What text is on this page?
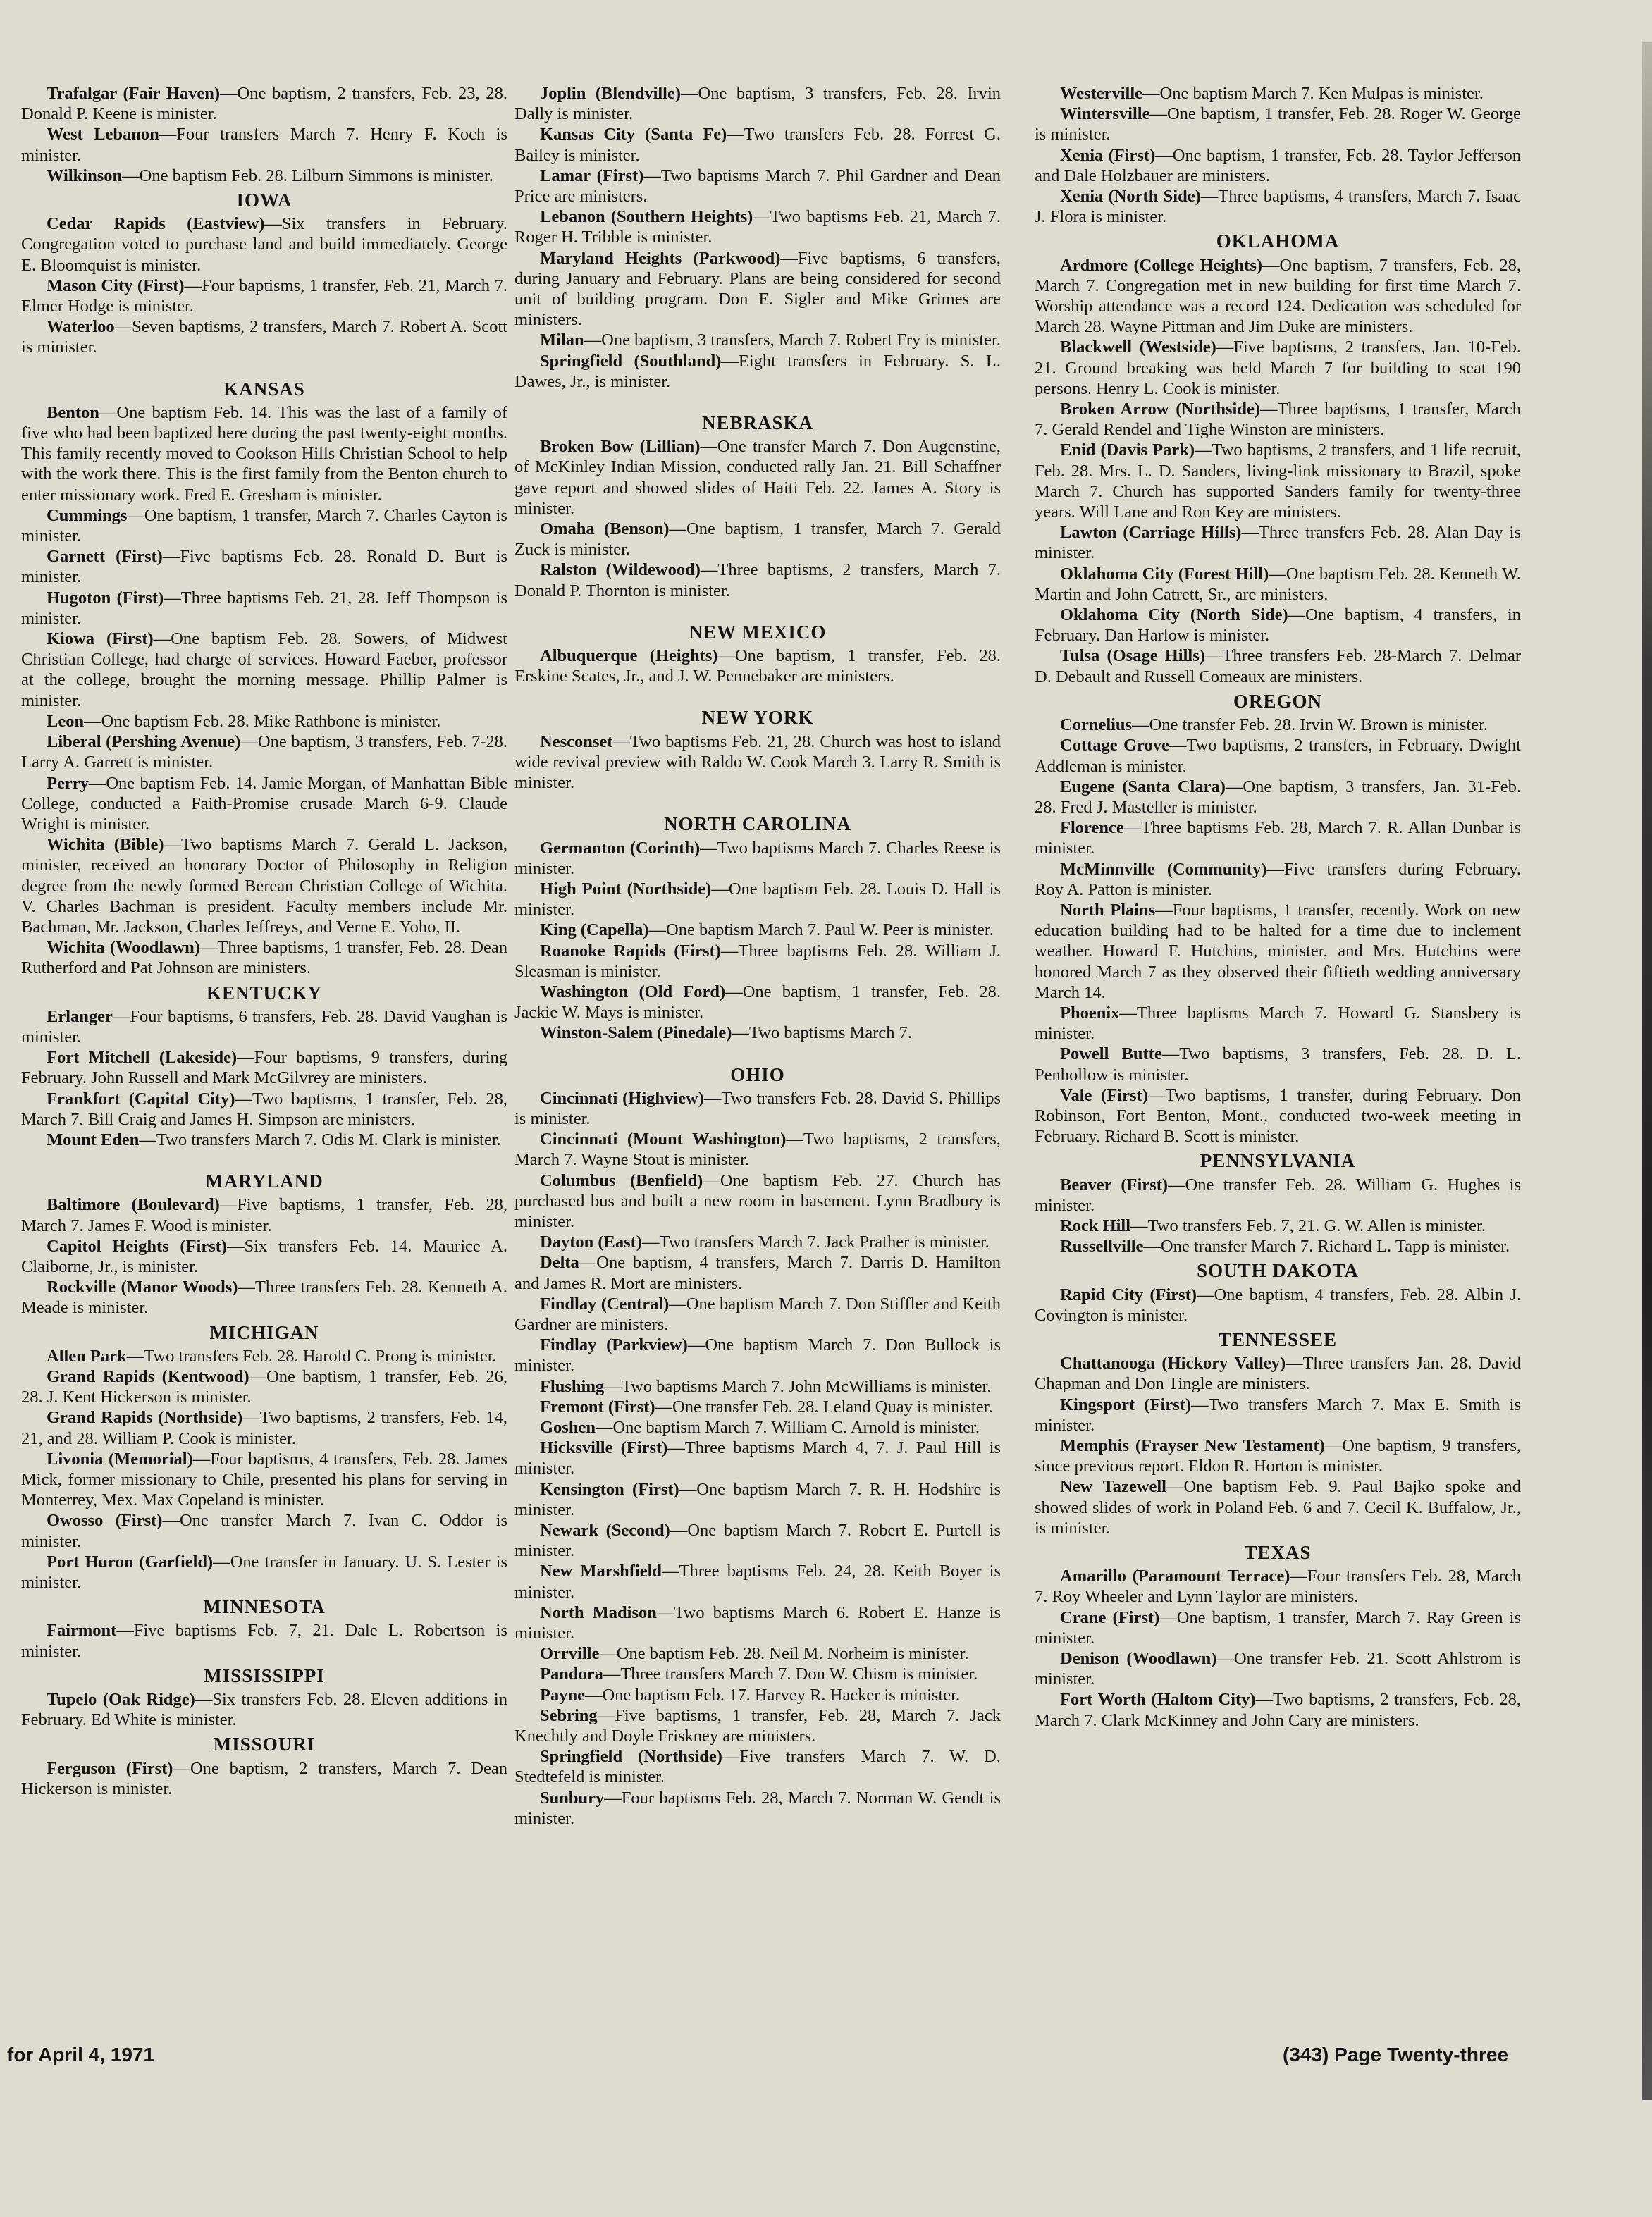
Trafalgar (Fair Haven)—One baptism, 2 transfers, Feb. 23, 28. Donald P. Keene is minister.

West Lebanon—Four transfers March 7. Henry F. Koch is minister.

Wilkinson—One baptism Feb. 28. Lilburn Simmons is minister.

IOWA

Cedar Rapids (Eastview)—Six transfers in February. Congregation voted to purchase land and build immediately. George E. Bloomquist is minister.

Mason City (First)—Four baptisms, 1 transfer, Feb. 21, March 7. Elmer Hodge is minister.

Waterloo—Seven baptisms, 2 transfers, March 7. Robert A. Scott is minister.

KANSAS

Benton—One baptism Feb. 14. This was the last of a family of five who had been baptized here during the past twenty-eight months. This family recently moved to Cookson Hills Christian School to help with the work there. This is the first family from the Benton church to enter missionary work. Fred E. Gresham is minister.

Cummings—One baptism, 1 transfer, March 7. Charles Cayton is minister.

Garnett (First)—Five baptisms Feb. 28. Ronald D. Burt is minister.

Hugoton (First)—Three baptisms Feb. 21, 28. Jeff Thompson is minister.

Kiowa (First)—One baptism Feb. 28. Sowers, of Midwest Christian College, had charge of services. Howard Faeber, professor at the college, brought the morning message. Phillip Palmer is minister.

Leon—One baptism Feb. 28. Mike Rathbone is minister.

Liberal (Pershing Avenue)—One baptism, 3 transfers, Feb. 7-28. Larry A. Garrett is minister.

Perry—One baptism Feb. 14. Jamie Morgan, of Manhattan Bible College, conducted a Faith-Promise crusade March 6-9. Claude Wright is minister.

Wichita (Bible)—Two baptisms March 7. Gerald L. Jackson, minister, received an honorary Doctor of Philosophy in Religion degree from the newly formed Berean Christian College of Wichita. V. Charles Bachman is president. Faculty members include Mr. Bachman, Mr. Jackson, Charles Jeffreys, and Verne E. Yoho, II.

Wichita (Woodlawn)—Three baptisms, 1 transfer, Feb. 28. Dean Rutherford and Pat Johnson are ministers.

KENTUCKY

Erlanger—Four baptisms, 6 transfers, Feb. 28. David Vaughan is minister.

Fort Mitchell (Lakeside)—Four baptisms, 9 transfers, during February. John Russell and Mark McGilvrey are ministers.

Frankfort (Capital City)—Two baptisms, 1 transfer, Feb. 28, March 7. Bill Craig and James H. Simpson are ministers.

Mount Eden—Two transfers March 7. Odis M. Clark is minister.

MARYLAND

Baltimore (Boulevard)—Five baptisms, 1 transfer, Feb. 28, March 7. James F. Wood is minister.

Capitol Heights (First)—Six transfers Feb. 14. Maurice A. Claiborne, Jr., is minister.

Rockville (Manor Woods)—Three transfers Feb. 28. Kenneth A. Meade is minister.

MICHIGAN

Allen Park—Two transfers Feb. 28. Harold C. Prong is minister.

Grand Rapids (Kentwood)—One baptism, 1 transfer, Feb. 26, 28. J. Kent Hickerson is minister.

Grand Rapids (Northside)—Two baptisms, 2 transfers, Feb. 14, 21, and 28. William P. Cook is minister.

Livonia (Memorial)—Four baptisms, 4 transfers, Feb. 28. James Mick, former missionary to Chile, presented his plans for serving in Monterrey, Mex. Max Copeland is minister.

Owosso (First)—One transfer March 7. Ivan C. Oddor is minister.

Port Huron (Garfield)—One transfer in January. U. S. Lester is minister.

MINNESOTA

Fairmont—Five baptisms Feb. 7, 21. Dale L. Robertson is minister.

MISSISSIPPI

Tupelo (Oak Ridge)—Six transfers Feb. 28. Eleven additions in February. Ed White is minister.

MISSOURI

Ferguson (First)—One baptism, 2 transfers, March 7. Dean Hickerson is minister.

Joplin (Blendville)—One baptism, 3 transfers, Feb. 28. Irvin Dally is minister.

Kansas City (Santa Fe)—Two transfers Feb. 28. Forrest G. Bailey is minister.

Lamar (First)—Two baptisms March 7. Phil Gardner and Dean Price are ministers.

Lebanon (Southern Heights)—Two baptisms Feb. 21, March 7. Roger H. Tribble is minister.

Maryland Heights (Parkwood)—Five baptisms, 6 transfers, during January and February. Plans are being considered for second unit of building program. Don E. Sigler and Mike Grimes are ministers.

Milan—One baptism, 3 transfers, March 7. Robert Fry is minister.

Springfield (Southland)—Eight transfers in February. S. L. Dawes, Jr., is minister.

NEBRASKA

Broken Bow (Lillian)—One transfer March 7. Don Augenstine, of McKinley Indian Mission, conducted rally Jan. 21. Bill Schaffner gave report and showed slides of Haiti Feb. 22. James A. Story is minister.

Omaha (Benson)—One baptism, 1 transfer, March 7. Gerald Zuck is minister.

Ralston (Wildewood)—Three baptisms, 2 transfers, March 7. Donald P. Thornton is minister.

NEW MEXICO

Albuquerque (Heights)—One baptism, 1 transfer, Feb. 28. Erskine Scates, Jr., and J. W. Pennebaker are ministers.

NEW YORK

Nesconset—Two baptisms Feb. 21, 28. Church was host to island wide revival preview with Raldo W. Cook March 3. Larry R. Smith is minister.

NORTH CAROLINA

Germanton (Corinth)—Two baptisms March 7. Charles Reese is minister.

High Point (Northside)—One baptism Feb. 28. Louis D. Hall is minister.

King (Capella)—One baptism March 7. Paul W. Peer is minister.

Roanoke Rapids (First)—Three baptisms Feb. 28. William J. Sleasman is minister.

Washington (Old Ford)—One baptism, 1 transfer, Feb. 28. Jackie W. Mays is minister.

Winston-Salem (Pinedale)—Two baptisms March 7.

OHIO

Cincinnati (Highview)—Two transfers Feb. 28. David S. Phillips is minister.

Cincinnati (Mount Washington)—Two baptisms, 2 transfers, March 7. Wayne Stout is minister.

Columbus (Benfield)—One baptism Feb. 27. Church has purchased bus and built a new room in basement. Lynn Bradbury is minister.

Dayton (East)—Two transfers March 7. Jack Prather is minister.

Delta—One baptism, 4 transfers, March 7. Darris D. Hamilton and James R. Mort are ministers.

Findlay (Central)—One baptism March 7. Don Stiffler and Keith Gardner are ministers.

Findlay (Parkview)—One baptism March 7. Don Bullock is minister.

Flushing—Two baptisms March 7. John McWilliams is minister.

Fremont (First)—One transfer Feb. 28. Leland Quay is minister.

Goshen—One baptism March 7. William C. Arnold is minister.

Hicksville (First)—Three baptisms March 4, 7. J. Paul Hill is minister.

Kensington (First)—One baptism March 7. R. H. Hodshire is minister.

Newark (Second)—One baptism March 7. Robert E. Purtell is minister.

New Marshfield—Three baptisms Feb. 24, 28. Keith Boyer is minister.

North Madison—Two baptisms March 6. Robert E. Hanze is minister.

Orrville—One baptism Feb. 28. Neil M. Norheim is minister.

Pandora—Three transfers March 7. Don W. Chism is minister.

Payne—One baptism Feb. 17. Harvey R. Hacker is minister.

Sebring—Five baptisms, 1 transfer, Feb. 28, March 7. Jack Knechtly and Doyle Friskney are ministers.

Springfield (Northside)—Five transfers March 7. W. D. Stedtefeld is minister.

Sunbury—Four baptisms Feb. 28, March 7. Norman W. Gendt is minister.

Westerville—One baptism March 7. Ken Mulpas is minister.

Wintersville—One baptism, 1 transfer, Feb. 28. Roger W. George is minister.

Xenia (First)—One baptism, 1 transfer, Feb. 28. Taylor Jefferson and Dale Holzbauer are ministers.

Xenia (North Side)—Three baptisms, 4 transfers, March 7. Isaac J. Flora is minister.

OKLAHOMA

Ardmore (College Heights)—One baptism, 7 transfers, Feb. 28, March 7. Congregation met in new building for first time March 7. Worship attendance was a record 124. Dedication was scheduled for March 28. Wayne Pittman and Jim Duke are ministers.

Blackwell (Westside)—Five baptisms, 2 transfers, Jan. 10-Feb. 21. Ground breaking was held March 7 for building to seat 190 persons. Henry L. Cook is minister.

Broken Arrow (Northside)—Three baptisms, 1 transfer, March 7. Gerald Rendel and Tighe Winston are ministers.

Enid (Davis Park)—Two baptisms, 2 transfers, and 1 life recruit, Feb. 28. Mrs. L. D. Sanders, living-link missionary to Brazil, spoke March 7. Church has supported Sanders family for twenty-three years. Will Lane and Ron Key are ministers.

Lawton (Carriage Hills)—Three transfers Feb. 28. Alan Day is minister.

Oklahoma City (Forest Hill)—One baptism Feb. 28. Kenneth W. Martin and John Catrett, Sr., are ministers.

Oklahoma City (North Side)—One baptism, 4 transfers, in February. Dan Harlow is minister.

Tulsa (Osage Hills)—Three transfers Feb. 28-March 7. Delmar D. Debault and Russell Comeaux are ministers.

OREGON

Cornelius—One transfer Feb. 28. Irvin W. Brown is minister.

Cottage Grove—Two baptisms, 2 transfers, in February. Dwight Addleman is minister.

Eugene (Santa Clara)—One baptism, 3 transfers, Jan. 31-Feb. 28. Fred J. Masteller is minister.

Florence—Three baptisms Feb. 28, March 7. R. Allan Dunbar is minister.

McMinnville (Community)—Five transfers during February. Roy A. Patton is minister.

North Plains—Four baptisms, 1 transfer, recently. Work on new education building had to be halted for a time due to inclement weather. Howard F. Hutchins, minister, and Mrs. Hutchins were honored March 7 as they observed their fiftieth wedding anniversary March 14.

Phoenix—Three baptisms March 7. Howard G. Stansbery is minister.

Powell Butte—Two baptisms, 3 transfers, Feb. 28. D. L. Penhollow is minister.

Vale (First)—Two baptisms, 1 transfer, during February. Don Robinson, Fort Benton, Mont., conducted two-week meeting in February. Richard B. Scott is minister.

PENNSYLVANIA

Beaver (First)—One transfer Feb. 28. William G. Hughes is minister.

Rock Hill—Two transfers Feb. 7, 21. G. W. Allen is minister.

Russellville—One transfer March 7. Richard L. Tapp is minister.

SOUTH DAKOTA

Rapid City (First)—One baptism, 4 transfers, Feb. 28. Albin J. Covington is minister.

TENNESSEE

Chattanooga (Hickory Valley)—Three transfers Jan. 28. David Chapman and Don Tingle are ministers.

Kingsport (First)—Two transfers March 7. Max E. Smith is minister.

Memphis (Frayser New Testament)—One baptism, 9 transfers, since previous report. Eldon R. Horton is minister.

New Tazewell—One baptism Feb. 9. Paul Bajko spoke and showed slides of work in Poland Feb. 6 and 7. Cecil K. Buffalow, Jr., is minister.

TEXAS

Amarillo (Paramount Terrace)—Four transfers Feb. 28, March 7. Roy Wheeler and Lynn Taylor are ministers.

Crane (First)—One baptism, 1 transfer, March 7. Ray Green is minister.

Denison (Woodlawn)—One transfer Feb. 21. Scott Ahlstrom is minister.

Fort Worth (Haltom City)—Two baptisms, 2 transfers, Feb. 28, March 7. Clark McKinney and John Cary are ministers.

for April 4, 1971	(343) Page Twenty-three
